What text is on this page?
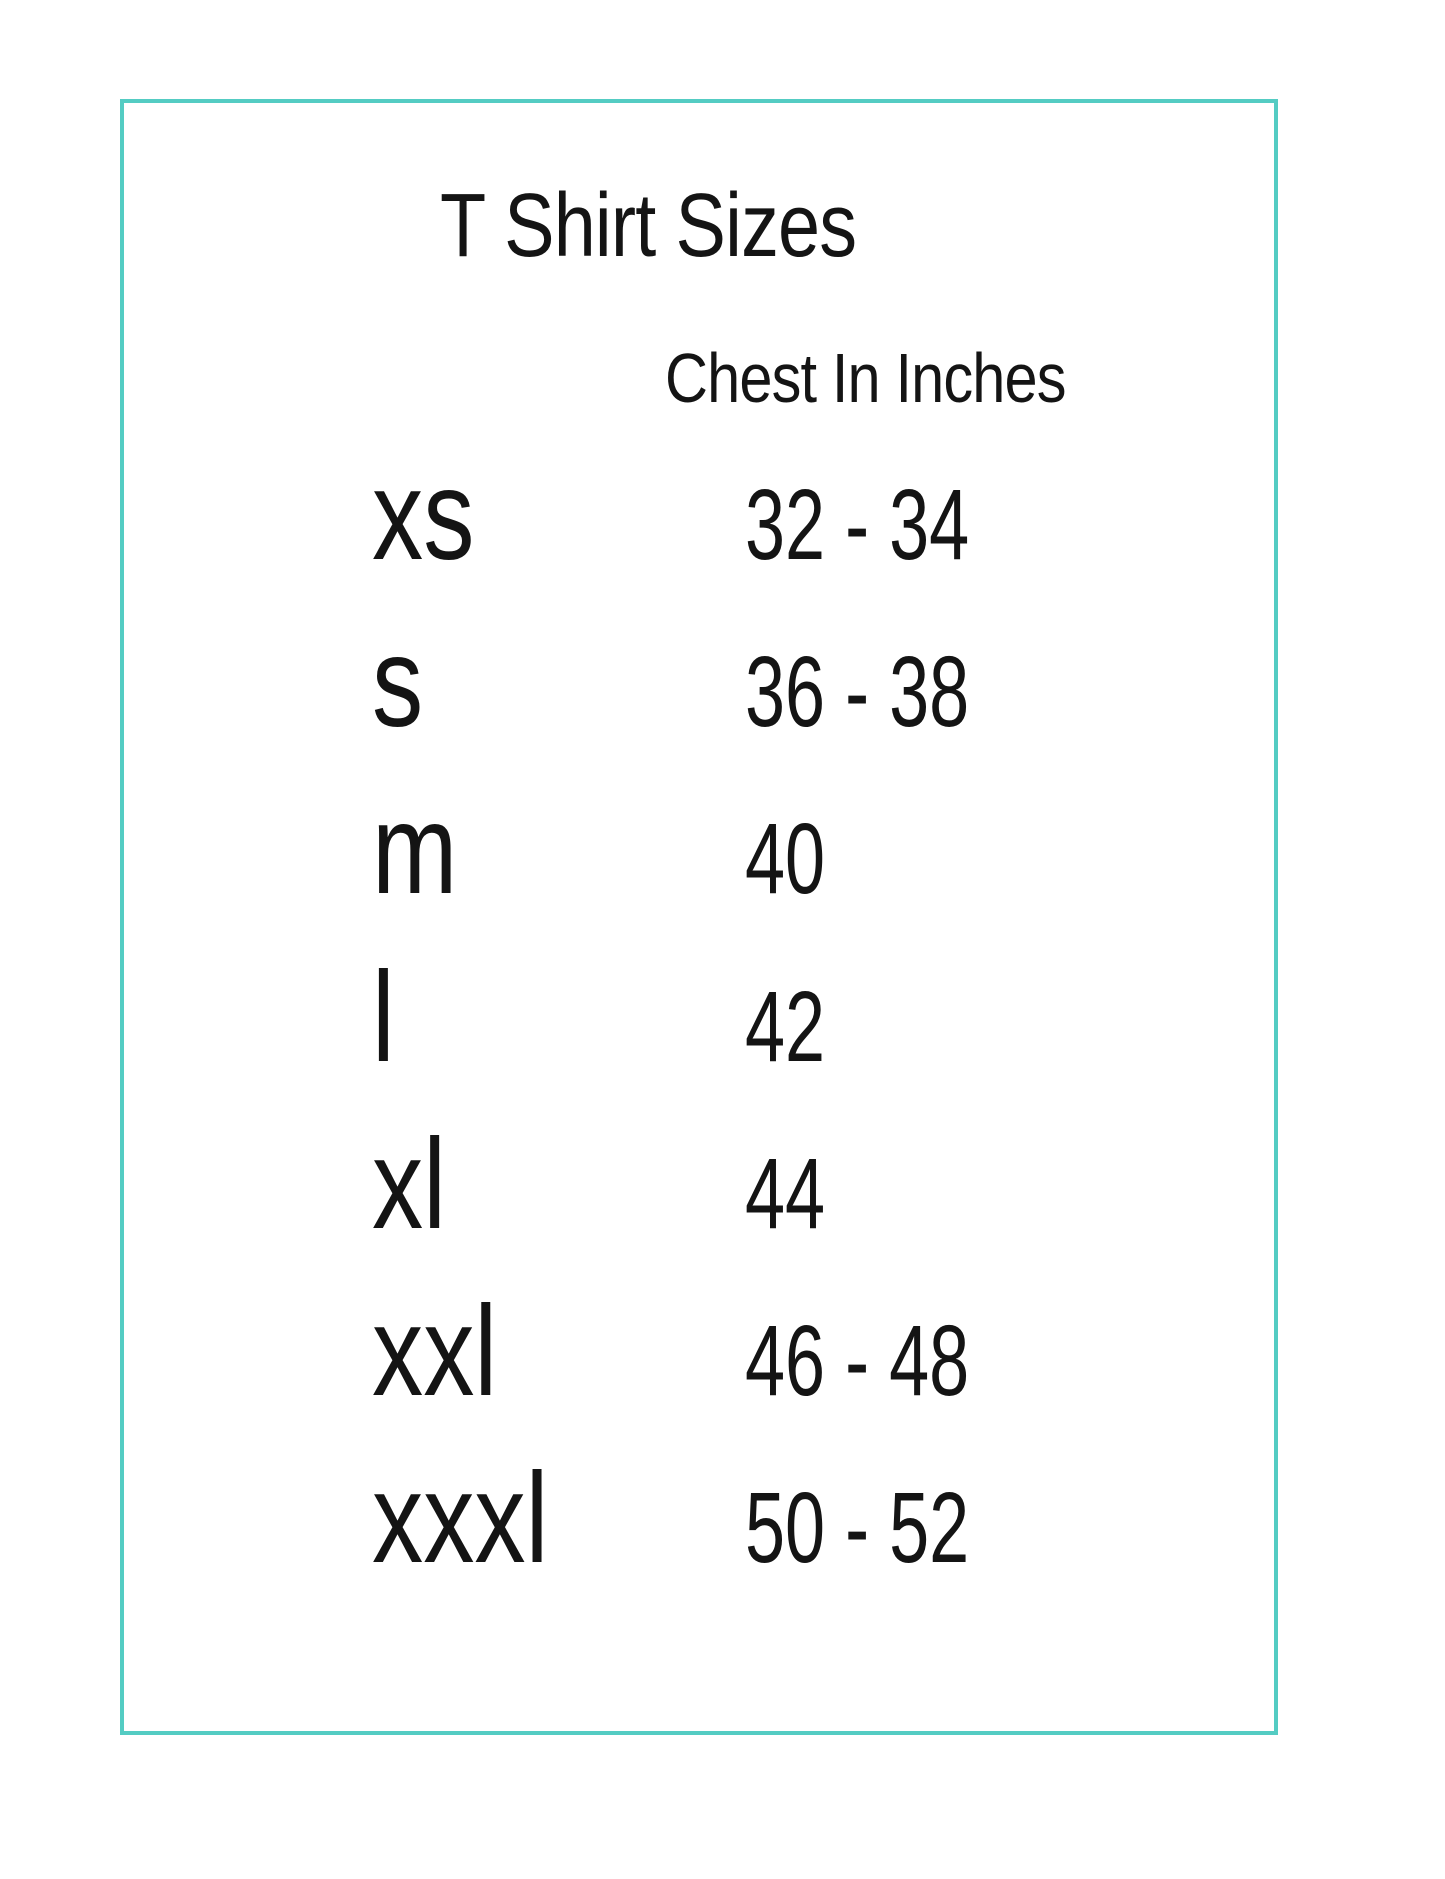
T Shirt Sizes
Chest In Inches
xs	32 - 34
s	36 - 38
m	40
l	42
xl	44
xxl	46 - 48
xxxl	50 - 52
